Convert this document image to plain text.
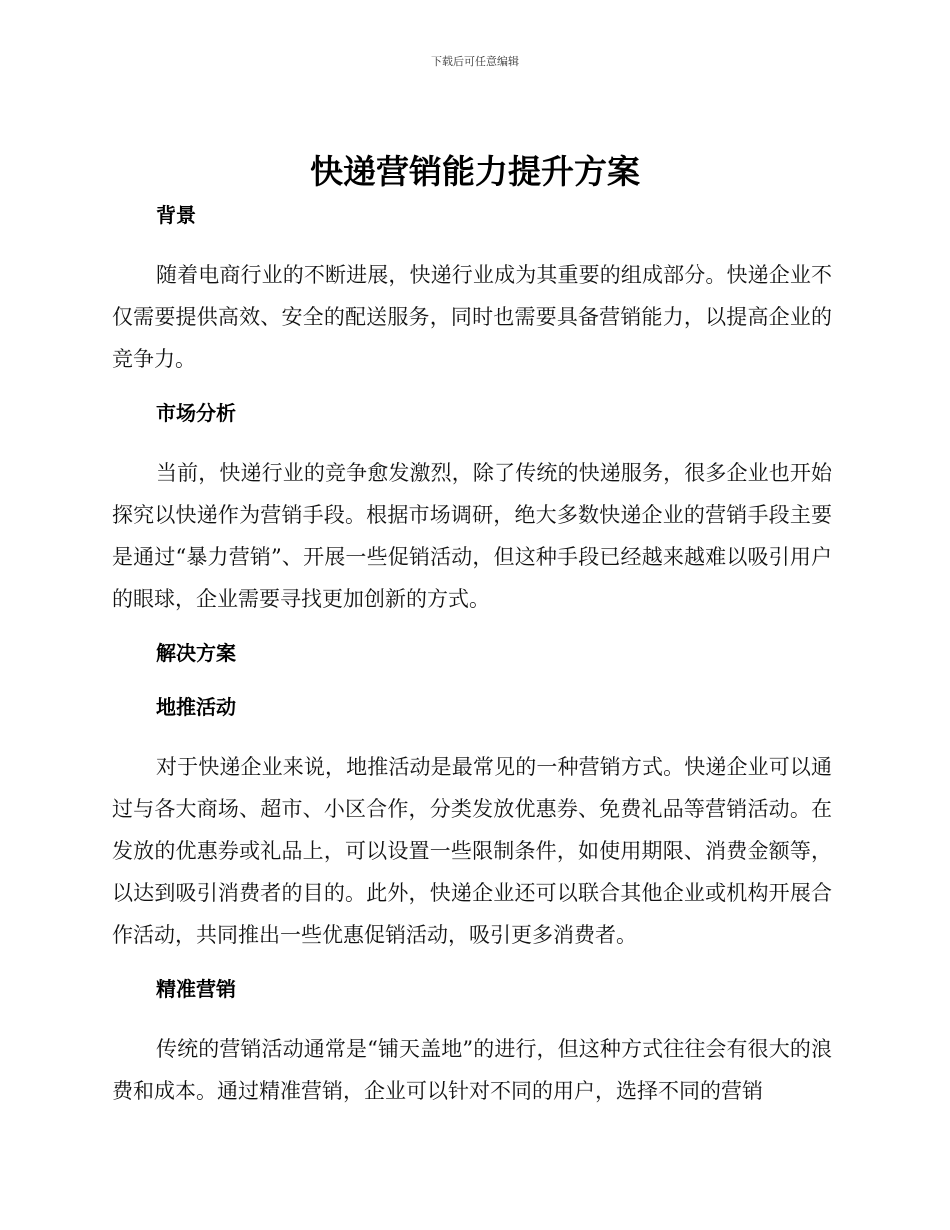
下载后可任意编辑
快递营销能力提升方案
背景

随着电商行业的不断进展，快递行业成为其重要的组成部分。快递企业不仅需要提供高效、安全的配送服务，同时也需要具备营销能力，以提高企业的竞争力。

市场分析

当前，快递行业的竞争愈发激烈，除了传统的快递服务，很多企业也开始探究以快递作为营销手段。根据市场调研，绝大多数快递企业的营销手段主要是通过“暴力营销”、开展一些促销活动，但这种手段已经越来越难以吸引用户的眼球，企业需要寻找更加创新的方式。

解决方案
地推活动

对于快递企业来说，地推活动是最常见的一种营销方式。快递企业可以通过与各大商场、超市、小区合作，分类发放优惠券、免费礼品等营销活动。在发放的优惠券或礼品上，可以设置一些限制条件，如使用期限、消费金额等，以达到吸引消费者的目的。此外，快递企业还可以联合其他企业或机构开展合作活动，共同推出一些优惠促销活动，吸引更多消费者。

精准营销

传统的营销活动通常是“铺天盖地”的进行，但这种方式往往会有很大的浪费和成本。通过精准营销，企业可以针对不同的用户，选择不同的营销
